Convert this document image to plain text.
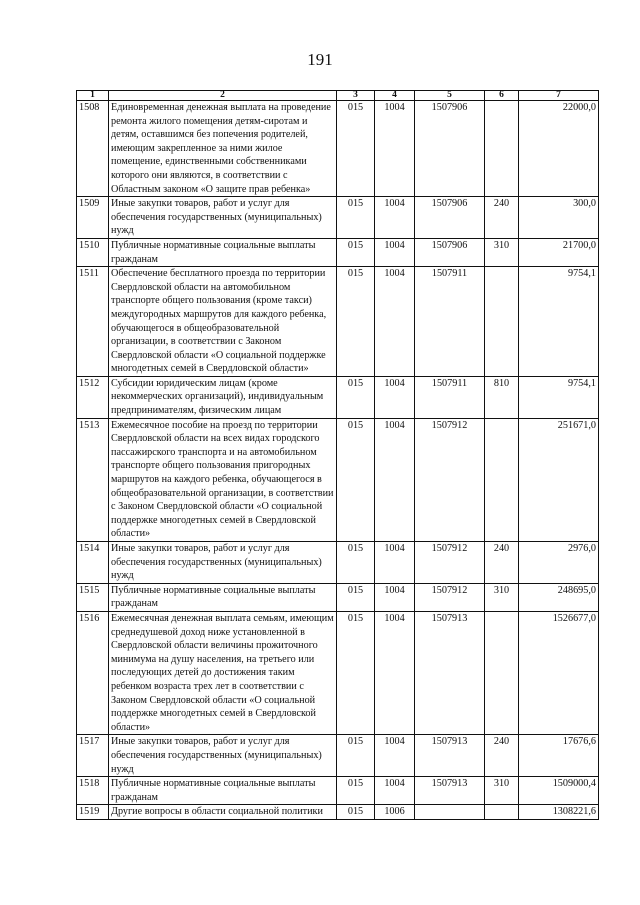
191
1	2	3	4	5	6	7
1508	Единовременная денежная выплата на проведение ремонта жилого помещения детям-сиротам и детям, оставшимся без попечения родителей, имеющим закрепленное за ними жилое помещение, единственными собственниками которого они являются, в соответствии с Областным законом «О защите прав ребенка»	015	1004	1507906		22000,0
1509	Иные закупки товаров, работ и услуг для обеспечения государственных (муниципальных) нужд	015	1004	1507906	240	300,0
1510	Публичные нормативные социальные выплаты гражданам	015	1004	1507906	310	21700,0
1511	Обеспечение бесплатного проезда по территории Свердловской области на автомобильном транспорте общего пользования (кроме такси) междугородных маршрутов для каждого ребенка, обучающегося в общеобразовательной организации, в соответствии с Законом Свердловской области «О социальной поддержке многодетных семей в Свердловской области»	015	1004	1507911		9754,1
1512	Субсидии юридическим лицам (кроме некоммерческих организаций), индивидуальным предпринимателям, физическим лицам	015	1004	1507911	810	9754,1
1513	Ежемесячное пособие на проезд по территории Свердловской области на всех видах городского пассажирского транспорта и на автомобильном транспорте общего пользования пригородных маршрутов на каждого ребенка, обучающегося в общеобразовательной организации, в соответствии с Законом Свердловской области «О социальной поддержке многодетных семей в Свердловской области»	015	1004	1507912		251671,0
1514	Иные закупки товаров, работ и услуг для обеспечения государственных (муниципальных) нужд	015	1004	1507912	240	2976,0
1515	Публичные нормативные социальные выплаты гражданам	015	1004	1507912	310	248695,0
1516	Ежемесячная денежная выплата семьям, имеющим среднедушевой доход ниже установленной в Свердловской области величины прожиточного минимума на душу населения, на третьего или последующих детей до достижения таким ребенком возраста трех лет в соответствии с Законом Свердловской области «О социальной поддержке многодетных семей в Свердловской области»	015	1004	1507913		1526677,0
1517	Иные закупки товаров, работ и услуг для обеспечения государственных (муниципальных) нужд	015	1004	1507913	240	17676,6
1518	Публичные нормативные социальные выплаты гражданам	015	1004	1507913	310	1509000,4
1519	Другие вопросы в области социальной политики	015	1006			1308221,6
